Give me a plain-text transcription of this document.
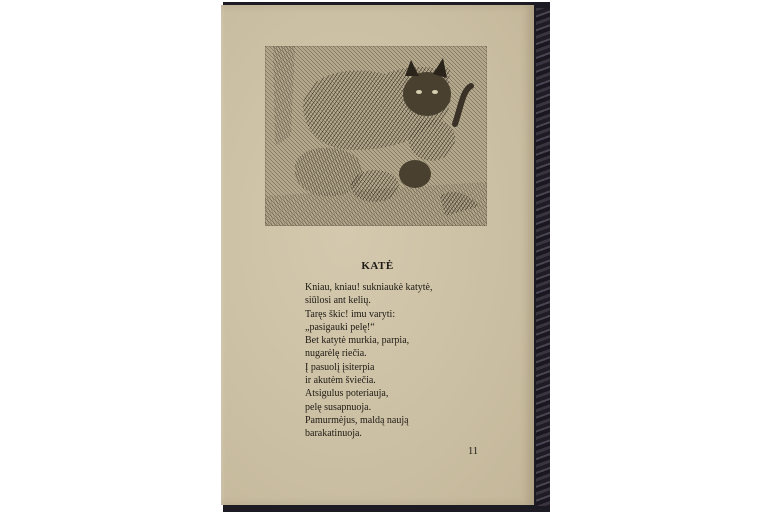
KATĖ
Kniau, kniau! sukniaukė katytė,
siūlosi ant kelių.
Taręs škic! imu varyti:
„pasigauki pelę!“
Bet katytė murkia, parpia,
nugarėlę riečia.
Į pasuolį įsiterpia
ir akutėm šviečia.
Atsigulus poteriauja,
pelę susapnuoja.
Pamurmėjus, maldą naują
barakatinuoja.
11
